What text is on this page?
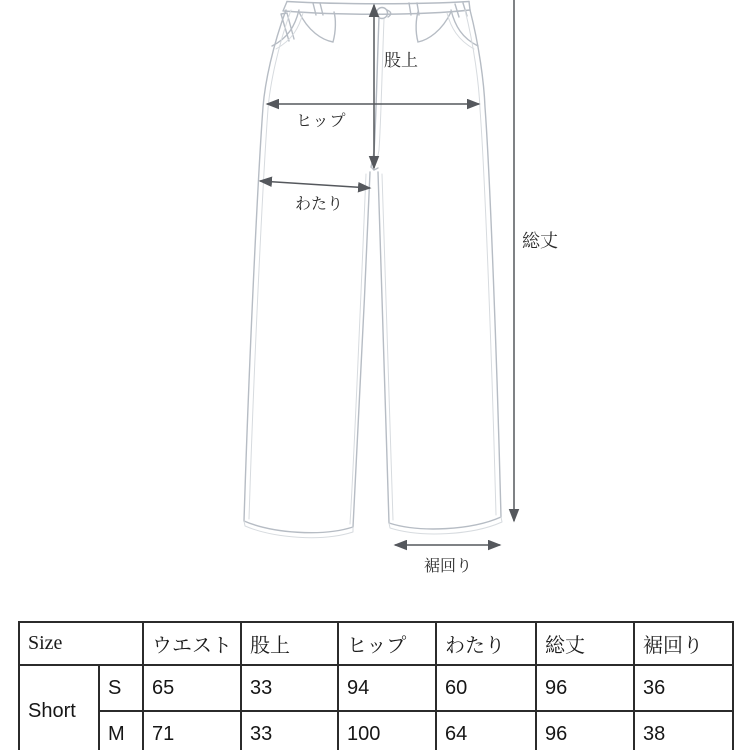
股上
ヒップ
わたり
総丈
裾回り
Size		ウエスト	股上	ヒップ	わたり	総丈	裾回り
Short	S	65	33	94	60	96	36
	M	71	33	100	64	96	38
